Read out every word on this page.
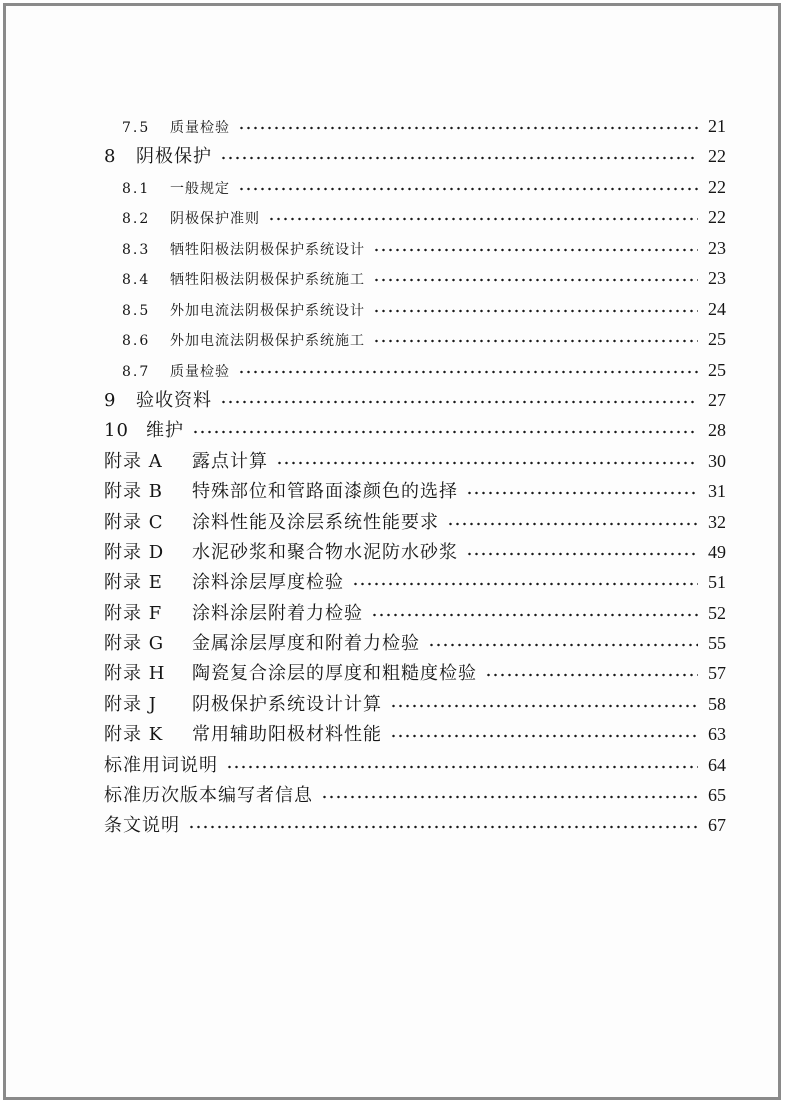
7.5	质量检验	21
8	阴极保护	22
8.1	一般规定	22
8.2	阴极保护准则	22
8.3	牺牲阳极法阴极保护系统设计	23
8.4	牺牲阳极法阴极保护系统施工	23
8.5	外加电流法阴极保护系统设计	24
8.6	外加电流法阴极保护系统施工	25
8.7	质量检验	25
9	验收资料	27
10 维护	28
附录 A	露点计算	30
附录 B	特殊部位和管路面漆颜色的选择	31
附录 C	涂料性能及涂层系统性能要求	32
附录 D	水泥砂浆和聚合物水泥防水砂浆	49
附录 E	涂料涂层厚度检验	51
附录 F	涂料涂层附着力检验	52
附录 G	金属涂层厚度和附着力检验	55
附录 H	陶瓷复合涂层的厚度和粗糙度检验	57
附录 J	阴极保护系统设计计算	58
附录 K	常用辅助阳极材料性能	63
标准用词说明	64
标准历次版本编写者信息	65
条文说明	67
